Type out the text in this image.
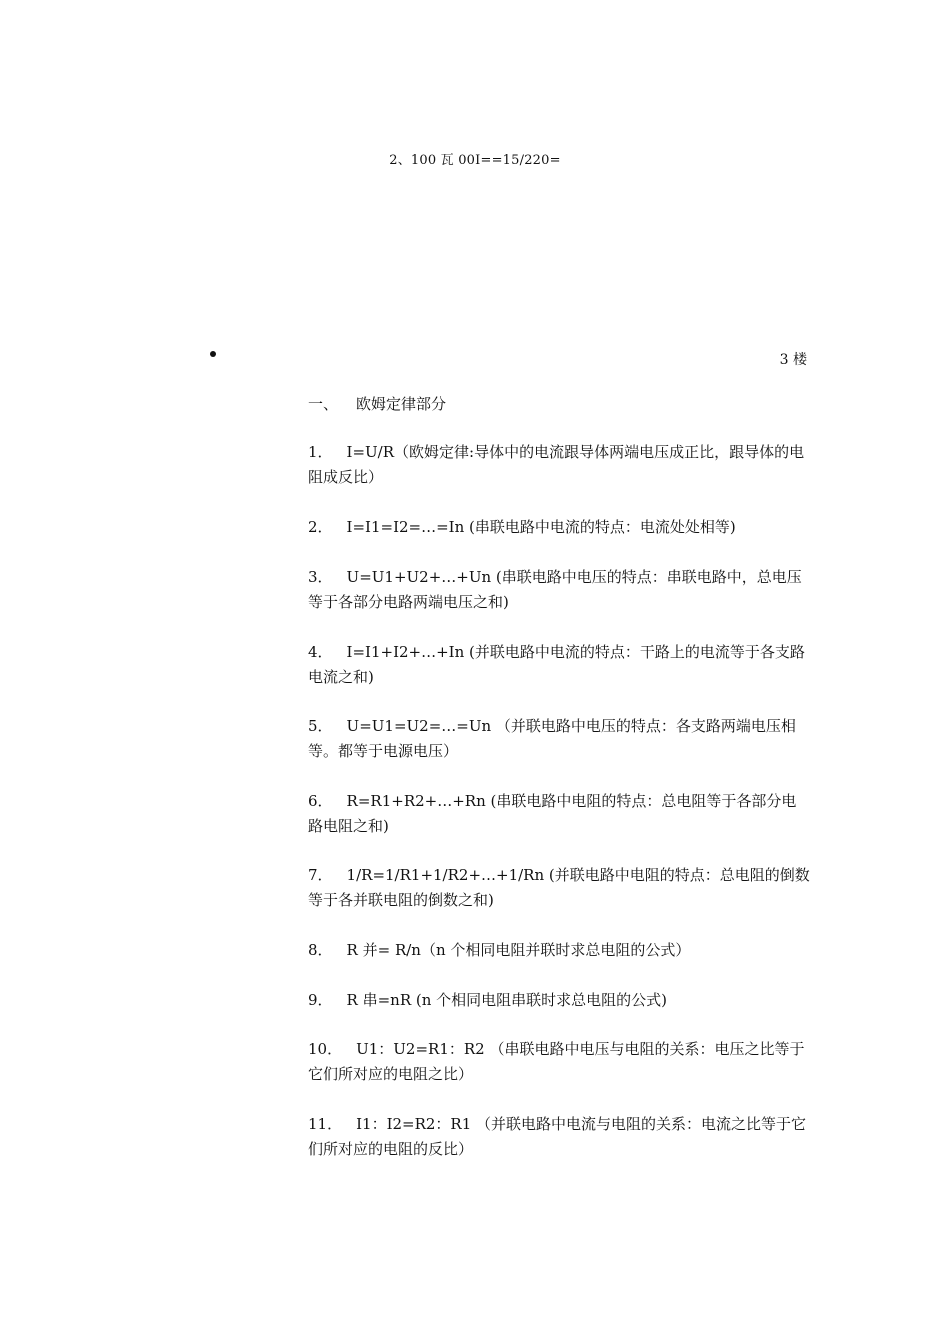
2、100 瓦 00I==15/220=
3 楼
一、 欧姆定律部分
1． I=U/R（欧姆定律:导体中的电流跟导体两端电压成正比，跟导体的电阻成反比）
2． I=I1=I2=…=In (串联电路中电流的特点：电流处处相等)
3． U=U1+U2+…+Un (串联电路中电压的特点：串联电路中，总电压等于各部分电路两端电压之和)
4． I=I1+I2+…+In (并联电路中电流的特点：干路上的电流等于各支路电流之和)
5． U=U1=U2=…=Un （并联电路中电压的特点：各支路两端电压相等。都等于电源电压）
6． R=R1+R2+…+Rn (串联电路中电阻的特点：总电阻等于各部分电路电阻之和)
7． 1/R=1/R1+1/R2+…+1/Rn (并联电路中电阻的特点：总电阻的倒数等于各并联电阻的倒数之和)
8． R 并= R/n（n 个相同电阻并联时求总电阻的公式）
9． R 串=nR (n 个相同电阻串联时求总电阻的公式)
10． U1：U2=R1：R2 （串联电路中电压与电阻的关系：电压之比等于它们所对应的电阻之比）
11． I1：I2=R2：R1 （并联电路中电流与电阻的关系：电流之比等于它们所对应的电阻的反比）
